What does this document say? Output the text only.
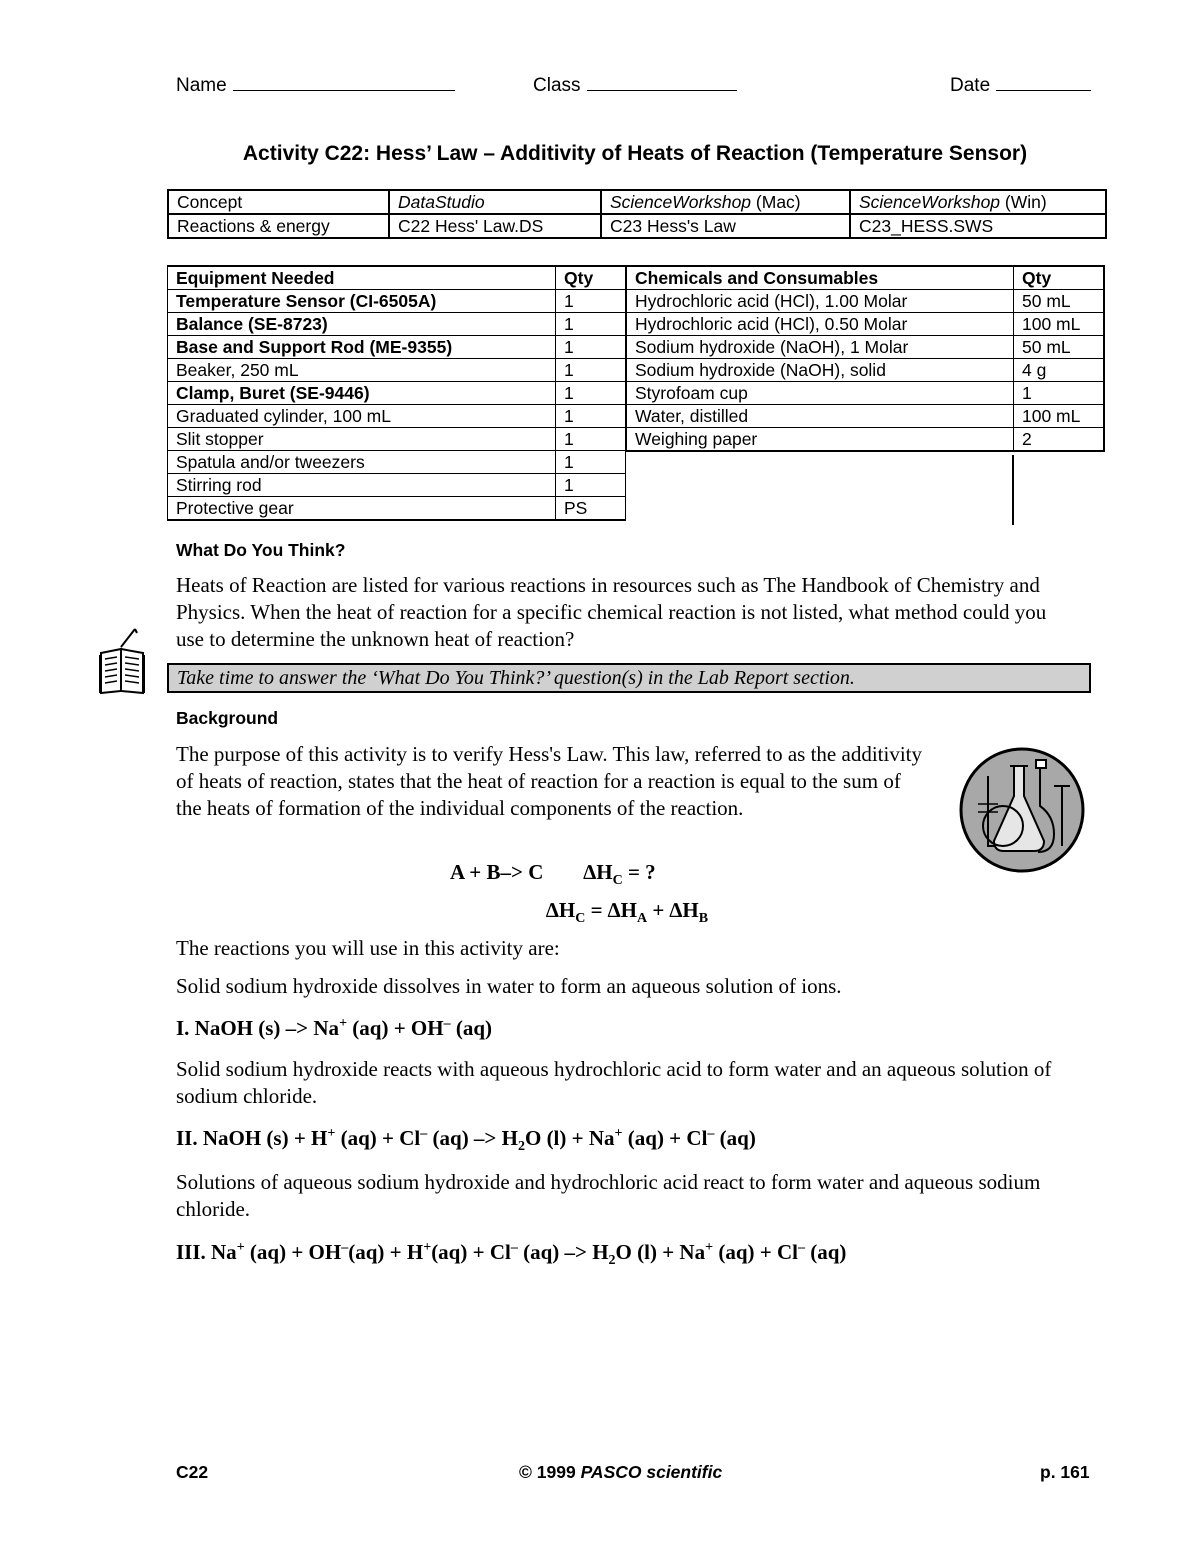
Name	Class	Date
Activity C22: Hess’ Law – Additivity of Heats of Reaction (Temperature Sensor)
Concept	DataStudio	ScienceWorkshop (Mac)	ScienceWorkshop (Win)
Reactions & energy	C22 Hess' Law.DS	C23 Hess's Law	C23_HESS.SWS
Equipment Needed	Qty
Temperature Sensor (CI-6505A)	1
Balance (SE-8723)	1
Base and Support Rod (ME-9355)	1
Beaker, 250 mL	1
Clamp, Buret (SE-9446)	1
Graduated cylinder, 100 mL	1
Slit stopper	1
Spatula and/or tweezers	1
Stirring rod	1
Protective gear	PS
Chemicals and Consumables	Qty
Hydrochloric acid (HCl), 1.00 Molar	50 mL
Hydrochloric acid (HCl), 0.50 Molar	100 mL
Sodium hydroxide (NaOH), 1 Molar	50 mL
Sodium hydroxide (NaOH), solid	4 g
Styrofoam cup	1
Water, distilled	100 mL
Weighing paper	2
What Do You Think?
Heats of Reaction are listed for various reactions in resources such as The Handbook of Chemistry and Physics. When the heat of reaction for a specific chemical reaction is not listed, what method could you use to determine the unknown heat of reaction?
Take time to answer the ‘What Do You Think?’ question(s) in the Lab Report section.
Background
The purpose of this activity is to verify Hess's Law. This law, referred to as the additivity of heats of reaction, states that the heat of reaction for a reaction is equal to the sum of the heats of formation of the individual components of the reaction.
A + B–> C $\Delta H_C$ = ?
$\Delta H_C = \Delta H_A + \Delta H_B$
The reactions you will use in this activity are:
Solid sodium hydroxide dissolves in water to form an aqueous solution of ions.
I. NaOH (s) –> Na+ (aq) + OH– (aq)
Solid sodium hydroxide reacts with aqueous hydrochloric acid to form water and an aqueous solution of sodium chloride.
II. NaOH (s) + H+ (aq) + Cl– $(aq) -> H_2O$ (l) + Na+ (aq) + Cl– (aq)
Solutions of aqueous sodium hydroxide and hydrochloric acid react to form water and aqueous sodium chloride.
III. Na+ (aq) + OH–(aq) + H+(aq) + Cl– $(aq) -> H_2O$ (l) + Na+ (aq) + Cl– (aq)
C22	© 1999 PASCO scientific	p. 161
